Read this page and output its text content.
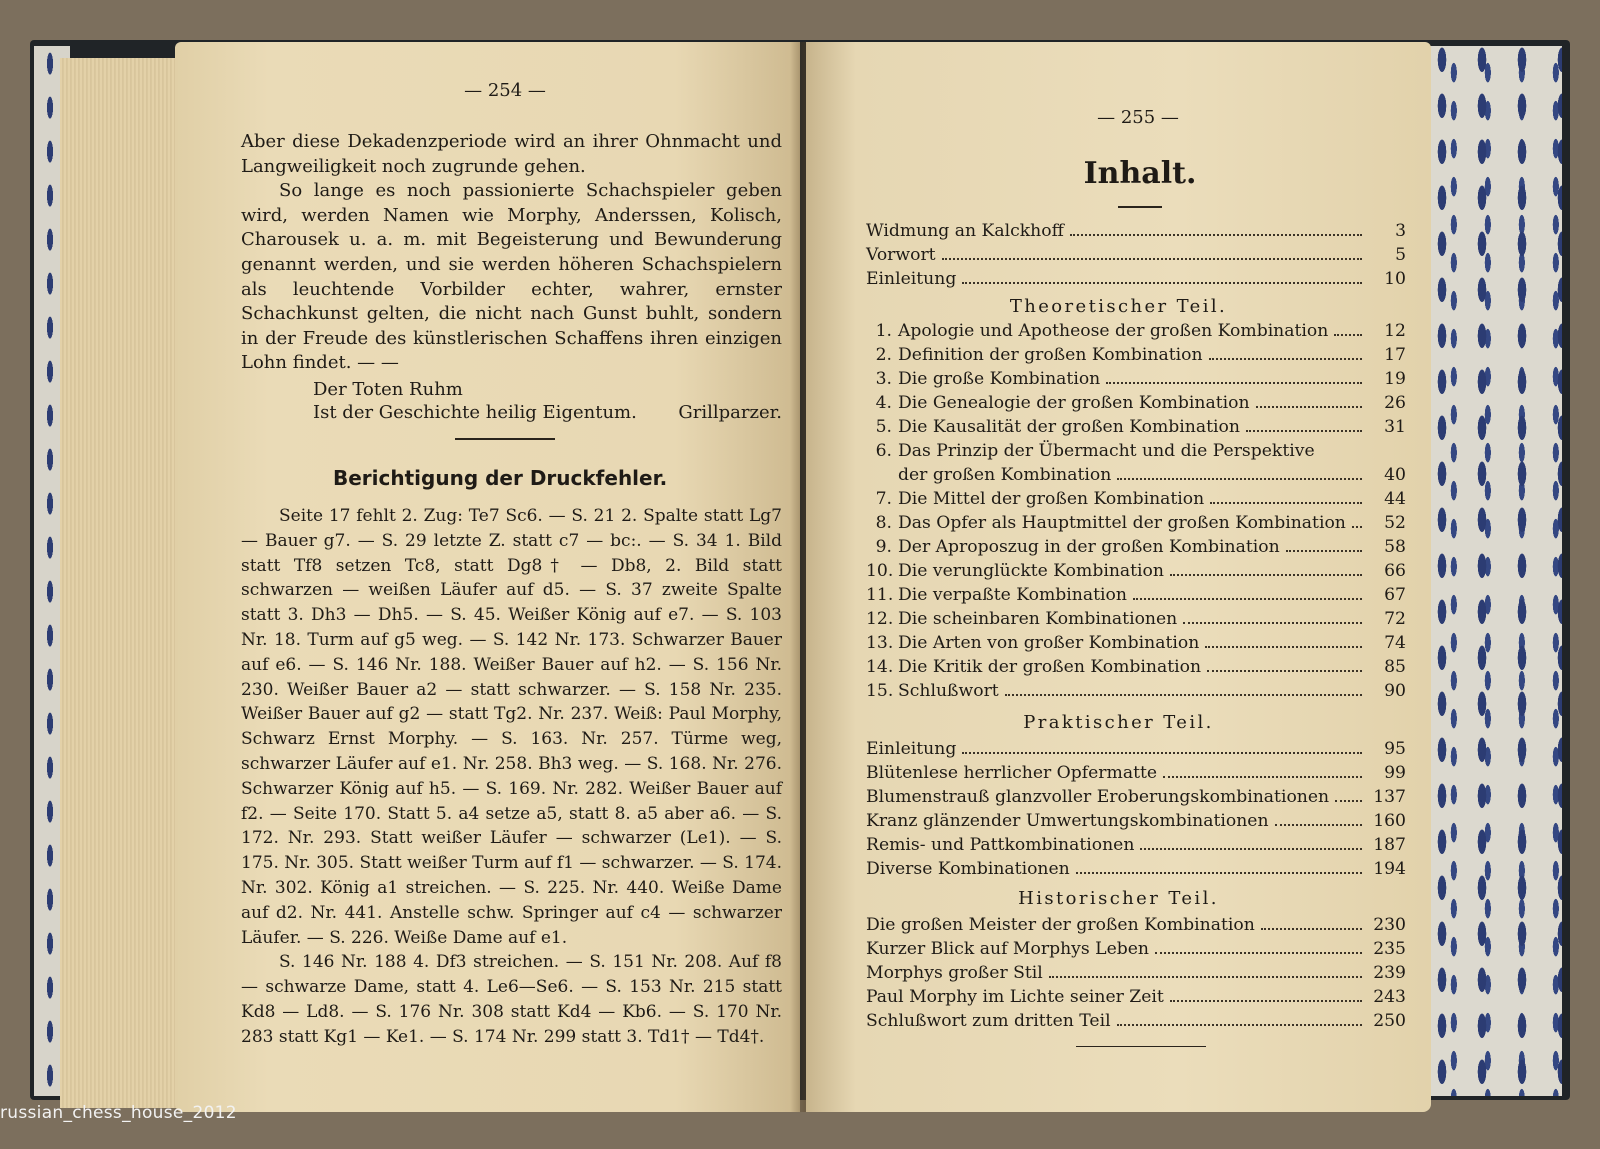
— 254 —

Aber diese Dekadenzperiode wird an ihrer Ohnmacht und Langweiligkeit noch zugrunde gehen.

So lange es noch passionierte Schachspieler geben wird, werden Namen wie Morphy, Anderssen, Kolisch, Charousek u. a. m. mit Begeisterung und Bewunderung genannt werden, und sie werden höheren Schachspielern als leuchtende Vorbilder echter, wahrer, ernster Schachkunst gelten, die nicht nach Gunst buhlt, sondern in der Freude des künstlerischen Schaffens ihren einzigen Lohn findet. — —

Der Toten Ruhm
Ist der Geschichte heilig Eigentum. Grillparzer.
Berichtigung der Druckfehler.

Seite 17 fehlt 2. Zug: Te7 Sc6. — S. 21 2. Spalte statt Lg7 — Bauer g7. — S. 29 letzte Z. statt c7 — bc:. — S. 34 1. Bild statt Tf8 setzen Tc8, statt Dg8† — Db8, 2. Bild statt schwarzen — weißen Läufer auf d5. — S. 37 zweite Spalte statt 3. Dh3 — Dh5. — S. 45. Weißer König auf e7. — S. 103 Nr. 18. Turm auf g5 weg. — S. 142 Nr. 173. Schwarzer Bauer auf e6. — S. 146 Nr. 188. Weißer Bauer auf h2. — S. 156 Nr. 230. Weißer Bauer a2 — statt schwarzer. — S. 158 Nr. 235. Weißer Bauer auf g2 — statt Tg2. Nr. 237. Weiß: Paul Morphy, Schwarz Ernst Morphy. — S. 163. Nr. 257. Türme weg, schwarzer Läufer auf e1. Nr. 258. Bh3 weg. — S. 168. Nr. 276. Schwarzer König auf h5. — S. 169. Nr. 282. Weißer Bauer auf f2. — Seite 170. Statt 5. a4 setze a5, statt 8. a5 aber a6. — S. 172. Nr. 293. Statt weißer Läufer — schwarzer (Le1). — S. 175. Nr. 305. Statt weißer Turm auf f1 — schwarzer. — S. 174. Nr. 302. König a1 streichen. — S. 225. Nr. 440. Weiße Dame auf d2. Nr. 441. Anstelle schw. Springer auf c4 — schwarzer Läufer. — S. 226. Weiße Dame auf e1.

S. 146 Nr. 188 4. Df3 streichen. — S. 151 Nr. 208. Auf f8 — schwarze Dame, statt 4. Le6—Se6. — S. 153 Nr. 215 statt Kd8 — Ld8. — S. 176 Nr. 308 statt Kd4 — Kb6. — S. 170 Nr. 283 statt Kg1 — Ke1. — S. 174 Nr. 299 statt 3. Td1† — Td4†.

— 255 —
Inhalt.
Widmung an Kalckhoff	3
Vorwort	5
Einleitung	10
Theoretischer Teil.
1. Apologie und Apotheose der großen Kombination	12
2. Definition der großen Kombination	17
3. Die große Kombination	19
4. Die Genealogie der großen Kombination	26
5. Die Kausalität der großen Kombination	31
6. Das Prinzip der Übermacht und die Perspektive
der großen Kombination	40
7. Die Mittel der großen Kombination	44
8. Das Opfer als Hauptmittel der großen Kombination	52
9. Der Aproposzug in der großen Kombination	58
10. Die verunglückte Kombination	66
11. Die verpaßte Kombination	67
12. Die scheinbaren Kombinationen	72
13. Die Arten von großer Kombination	74
14. Die Kritik der großen Kombination	85
15. Schlußwort	90
Praktischer Teil.
Einleitung	95
Blütenlese herrlicher Opfermatte	99
Blumenstrauß glanzvoller Eroberungskombinationen	137
Kranz glänzender Umwertungskombinationen	160
Remis- und Pattkombinationen	187
Diverse Kombinationen	194
Historischer Teil.
Die großen Meister der großen Kombination	230
Kurzer Blick auf Morphys Leben	235
Morphys großer Stil	239
Paul Morphy im Lichte seiner Zeit	243
Schlußwort zum dritten Teil	250
russian_chess_house_2012
